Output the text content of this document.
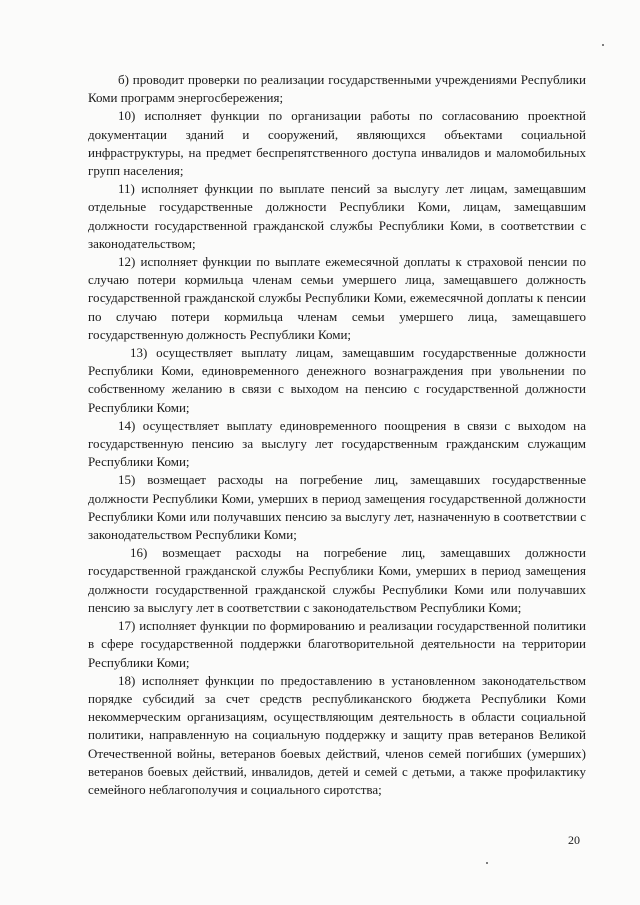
б) проводит проверки по реализации государственными учреждениями Республики Коми программ энергосбережения;

10) исполняет функции по организации работы по согласованию проектной документации зданий и сооружений, являющихся объектами социальной инфраструктуры, на предмет беспрепятственного доступа инвалидов и маломобильных групп населения;

11) исполняет функции по выплате пенсий за выслугу лет лицам, замещавшим отдельные государственные должности Республики Коми, лицам, замещавшим должности государственной гражданской службы Республики Коми, в соответствии с законодательством;

12) исполняет функции по выплате ежемесячной доплаты к страховой пенсии по случаю потери кормильца членам семьи умершего лица, замещавшего должность государственной гражданской службы Республики Коми, ежемесячной доплаты к пенсии по случаю потери кормильца членам семьи умершего лица, замещавшего государственную должность Республики Коми;

13) осуществляет выплату лицам, замещавшим государственные должности Республики Коми, единовременного денежного вознаграждения при увольнении по собственному желанию в связи с выходом на пенсию с государственной должности Республики Коми;

14) осуществляет выплату единовременного поощрения в связи с выходом на государственную пенсию за выслугу лет государственным гражданским служащим Республики Коми;

15) возмещает расходы на погребение лиц, замещавших государственные должности Республики Коми, умерших в период замещения государственной должности Республики Коми или получавших пенсию за выслугу лет, назначенную в соответствии с законодательством Республики Коми;

16) возмещает расходы на погребение лиц, замещавших должности государственной гражданской службы Республики Коми, умерших в период замещения должности государственной гражданской службы Республики Коми или получавших пенсию за выслугу лет в соответствии с законодательством Республики Коми;

17) исполняет функции по формированию и реализации государственной политики в сфере государственной поддержки благотворительной деятельности на территории Республики Коми;

18) исполняет функции по предоставлению в установленном законодательством порядке субсидий за счет средств республиканского бюджета Республики Коми некоммерческим организациям, осуществляющим деятельность в области социальной политики, направленную на социальную поддержку и защиту прав ветеранов Великой Отечественной войны, ветеранов боевых действий, членов семей погибших (умерших) ветеранов боевых действий, инвалидов, детей и семей с детьми, а также профилактику семейного неблагополучия и социального сиротства;

20
